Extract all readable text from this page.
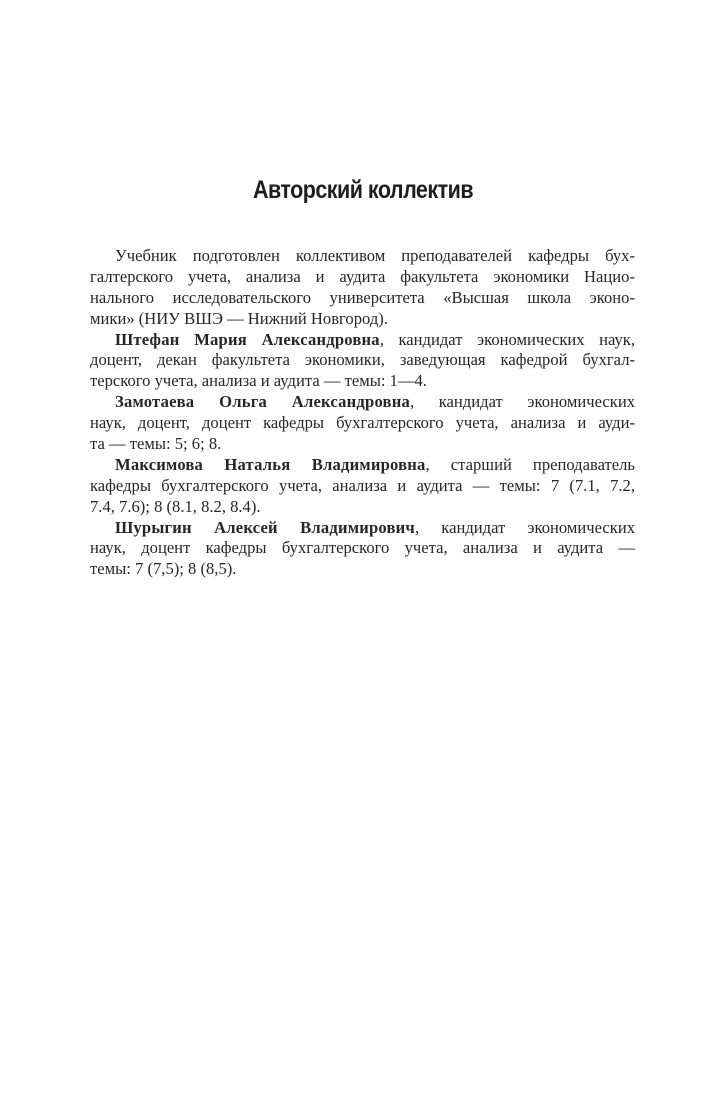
Авторский коллектив
Учебник подготовлен коллективом преподавателей кафедры бух-
галтерского учета, анализа и аудита факультета экономики Нацио-
нального исследовательского университета «Высшая школа эконо-
мики» (НИУ ВШЭ — Нижний Новгород).
Штефан Мария Александровна, кандидат экономических наук,
доцент, декан факультета экономики, заведующая кафедрой бухгал-
терского учета, анализа и аудита — темы: 1—4.
Замотаева Ольга Александровна, кандидат экономических
наук, доцент, доцент кафедры бухгалтерского учета, анализа и ауди-
та — темы: 5; 6; 8.
Максимова Наталья Владимировна, старший преподаватель
кафедры бухгалтерского учета, анализа и аудита — темы: 7 (7.1, 7.2,
7.4, 7.6); 8 (8.1, 8.2, 8.4).
Шурыгин Алексей Владимирович, кандидат экономических
наук, доцент кафедры бухгалтерского учета, анализа и аудита —
темы: 7 (7,5); 8 (8,5).
